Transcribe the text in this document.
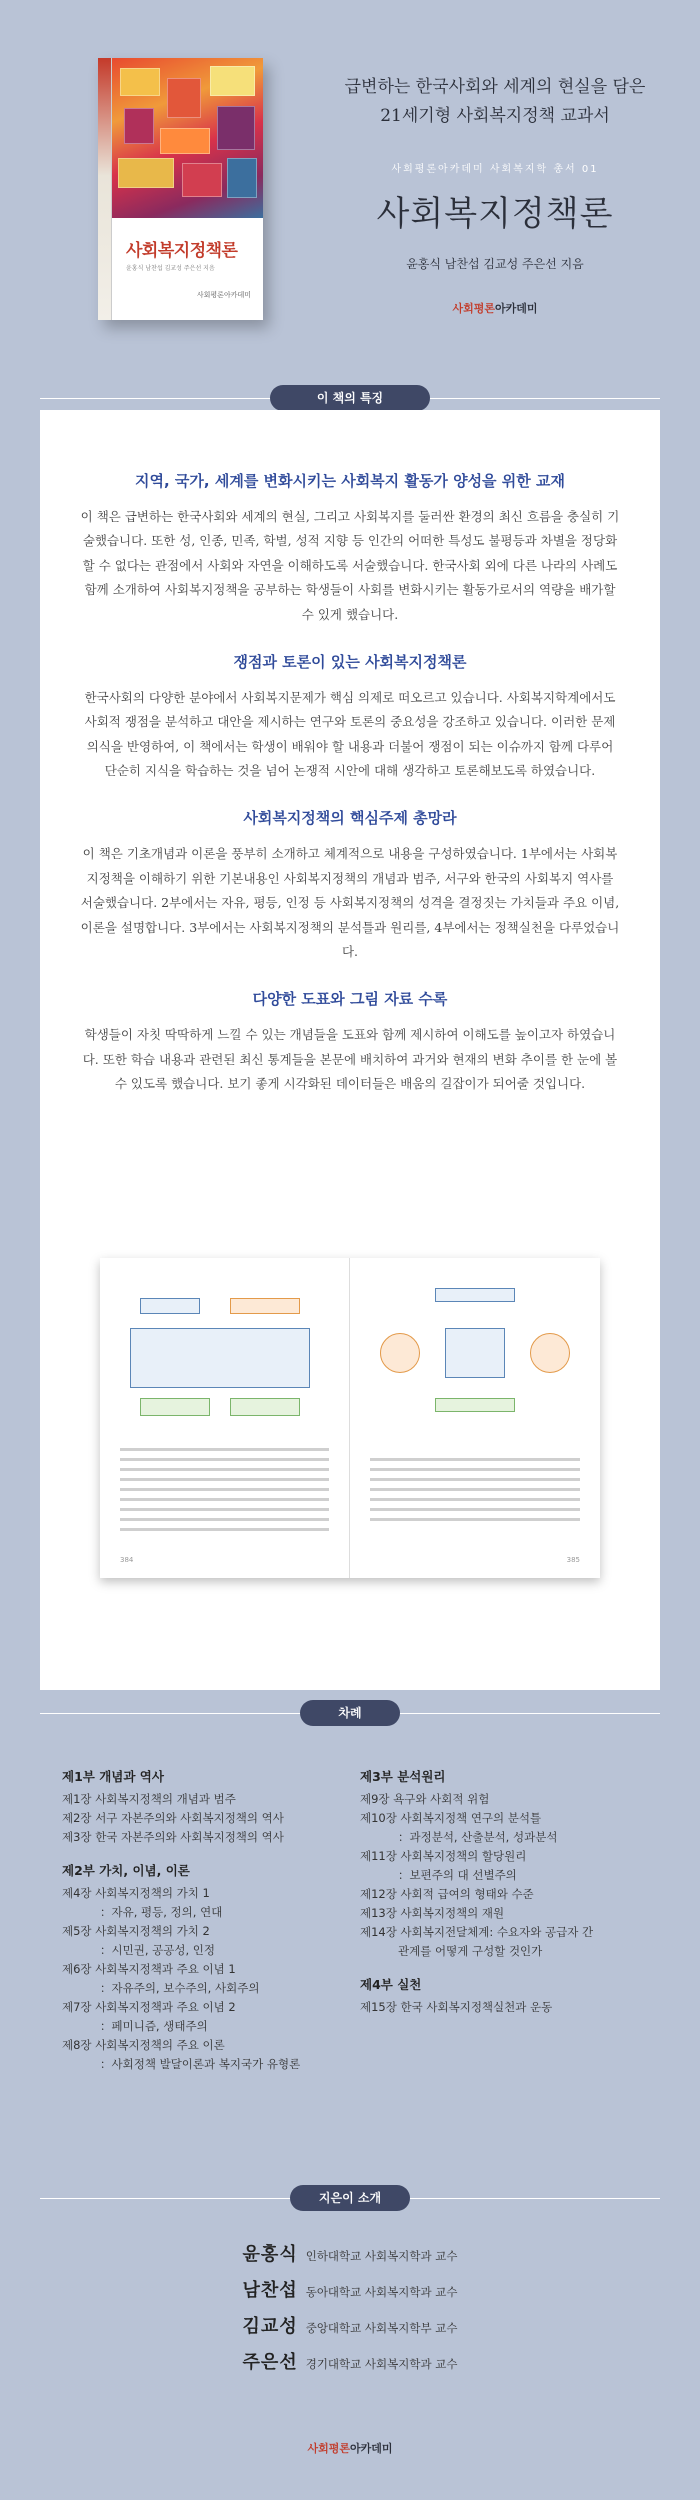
사회복지정책론
윤홍식 남찬섭 김교성 주은선 지음
사회평론아카데미
급변하는 한국사회와 세계의 현실을 담은
21세기형 사회복지정책 교과서
사회평론아카데미 사회복지학 총서 01
사회복지정책론
윤홍식 남찬섭 김교성 주은선 지음
사회평론아카데미
이 책의 특징
지역, 국가, 세계를 변화시키는 사회복지 활동가 양성을 위한 교재
이 책은 급변하는 한국사회와 세계의 현실, 그리고 사회복지를 둘러싼 환경의 최신 흐름을 충실히 기술했습니다. 또한 성, 인종, 민족, 학벌, 성적 지향 등 인간의 어떠한 특성도 불평등과 차별을 정당화할 수 없다는 관점에서 사회와 자연을 이해하도록 서술했습니다. 한국사회 외에 다른 나라의 사례도 함께 소개하여 사회복지정책을 공부하는 학생들이 사회를 변화시키는 활동가로서의 역량을 배가할 수 있게 했습니다.
쟁점과 토론이 있는 사회복지정책론
한국사회의 다양한 분야에서 사회복지문제가 핵심 의제로 떠오르고 있습니다. 사회복지학계에서도 사회적 쟁점을 분석하고 대안을 제시하는 연구와 토론의 중요성을 강조하고 있습니다. 이러한 문제의식을 반영하여, 이 책에서는 학생이 배워야 할 내용과 더불어 쟁점이 되는 이슈까지 함께 다루어 단순히 지식을 학습하는 것을 넘어 논쟁적 시안에 대해 생각하고 토론해보도록 하였습니다.
사회복지정책의 핵심주제 총망라
이 책은 기초개념과 이론을 풍부히 소개하고 체계적으로 내용을 구성하였습니다. 1부에서는 사회복지정책을 이해하기 위한 기본내용인 사회복지정책의 개념과 범주, 서구와 한국의 사회복지 역사를 서술했습니다. 2부에서는 자유, 평등, 인정 등 사회복지정책의 성격을 결정짓는 가치들과 주요 이념, 이론을 설명합니다. 3부에서는 사회복지정책의 분석틀과 원리를, 4부에서는 정책실천을 다루었습니다.
다양한 도표와 그림 자료 수록
학생들이 자칫 딱딱하게 느낄 수 있는 개념들을 도표와 함께 제시하여 이해도를 높이고자 하였습니다. 또한 학습 내용과 관련된 최신 통계들을 본문에 배치하여 과거와 현재의 변화 추이를 한 눈에 볼 수 있도록 했습니다. 보기 좋게 시각화된 데이터들은 배움의 길잡이가 되어줄 것입니다.
384	385
차례
제1부 개념과 역사
제1장 사회복지정책의 개념과 범주
제2장 서구 자본주의와 사회복지정책의 역사
제3장 한국 자본주의와 사회복지정책의 역사
제2부 가치, 이념, 이론
제4장 사회복지정책의 가치 1
：자유, 평등, 정의, 연대
제5장 사회복지정책의 가치 2
：시민권, 공공성, 인정
제6장 사회복지정책과 주요 이념 1
：자유주의, 보수주의, 사회주의
제7장 사회복지정책과 주요 이념 2
：페미니즘, 생태주의
제8장 사회복지정책의 주요 이론
：사회정책 발달이론과 복지국가 유형론
제3부 분석원리
제9장 욕구와 사회적 위험
제10장 사회복지정책 연구의 분석틀
：과정분석, 산출분석, 성과분석
제11장 사회복지정책의 할당원리
：보편주의 대 선별주의
제12장 사회적 급여의 형태와 수준
제13장 사회복지정책의 재원
제14장 사회복지전달체계: 수요자와 공급자 간
관계를 어떻게 구성할 것인가
제4부 실천
제15장 한국 사회복지정책실천과 운동
지은이 소개
윤홍식 인하대학교 사회복지학과 교수
남찬섭 동아대학교 사회복지학과 교수
김교성 중앙대학교 사회복지학부 교수
주은선 경기대학교 사회복지학과 교수
사회평론아카데미
